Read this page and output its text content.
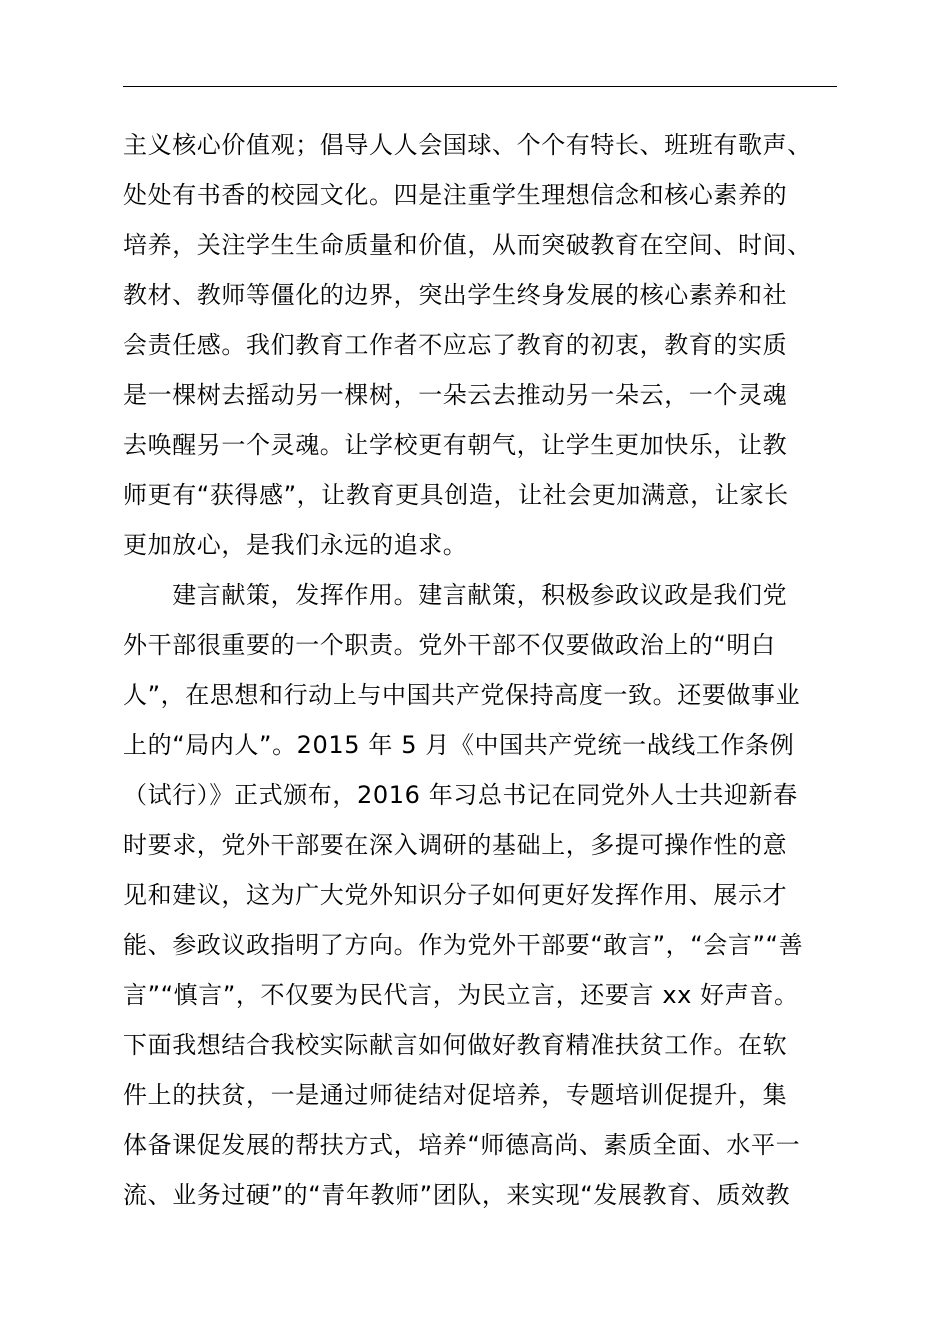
主义核心价值观；倡导人人会国球、个个有特长、班班有歌声、
处处有书香的校园文化。四是注重学生理想信念和核心素养的
培养，关注学生生命质量和价值，从而突破教育在空间、时间、
教材、教师等僵化的边界，突出学生终身发展的核心素养和社
会责任感。我们教育工作者不应忘了教育的初衷，教育的实质
是一棵树去摇动另一棵树，一朵云去推动另一朵云，一个灵魂
去唤醒另一个灵魂。让学校更有朝气，让学生更加快乐，让教
师更有“获得感”，让教育更具创造，让社会更加满意，让家长
更加放心，是我们永远的追求。
　　建言献策，发挥作用。建言献策，积极参政议政是我们党
外干部很重要的一个职责。党外干部不仅要做政治上的“明白
人”，在思想和行动上与中国共产党保持高度一致。还要做事业
上的“局内人”。2015 年 5 月《中国共产党统一战线工作条例
（试行）》正式颁布，2016 年习总书记在同党外人士共迎新春
时要求，党外干部要在深入调研的基础上，多提可操作性的意
见和建议，这为广大党外知识分子如何更好发挥作用、展示才
能、参政议政指明了方向。作为党外干部要“敢言”，“会言”“善
言”“慎言”，不仅要为民代言，为民立言，还要言 xx 好声音。
下面我想结合我校实际献言如何做好教育精准扶贫工作。在软
件上的扶贫，一是通过师徒结对促培养，专题培训促提升，集
体备课促发展的帮扶方式，培养“师德高尚、素质全面、水平一
流、业务过硬”的“青年教师”团队，来实现“发展教育、质效教
